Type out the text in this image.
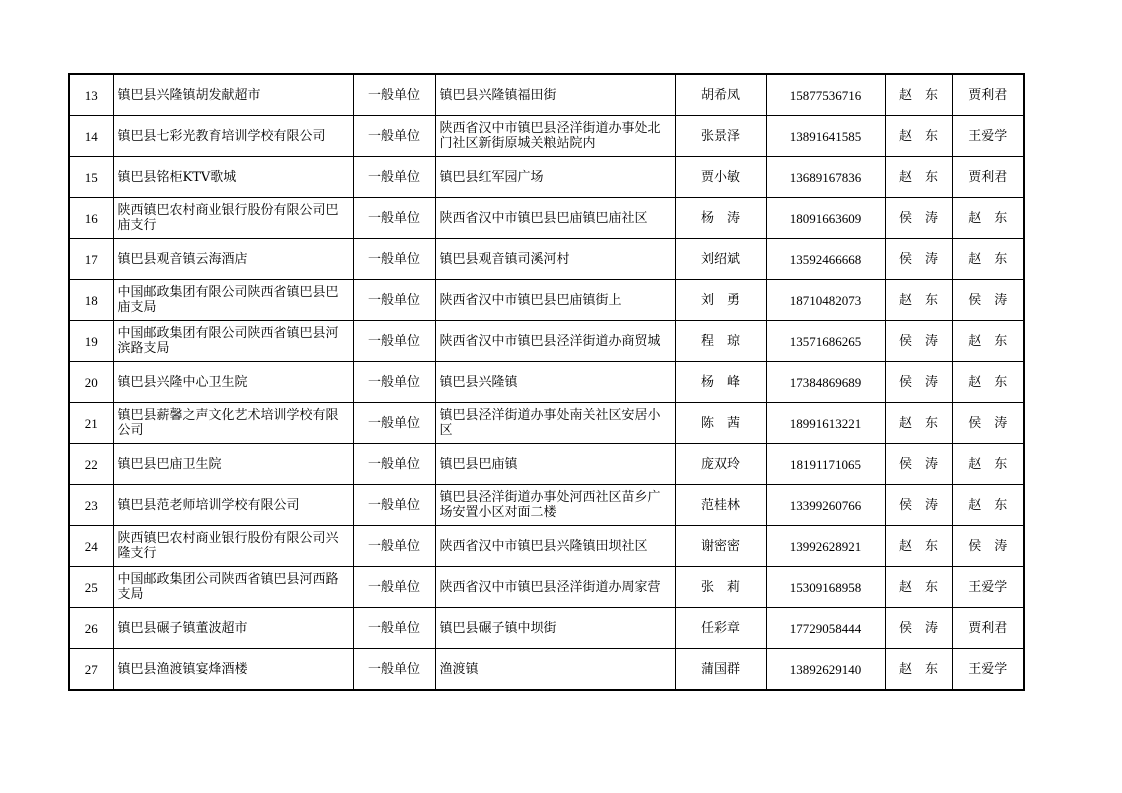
13	镇巴县兴隆镇胡发献超市	一般单位	镇巴县兴隆镇福田街	胡希凤	15877536716	赵　东	贾利君
14	镇巴县七彩光教育培训学校有限公司	一般单位	陕西省汉中市镇巴县泾洋街道办事处北门社区新街原城关粮站院内	张景泽	13891641585	赵　东	王爱学
15	镇巴县铭柜KTV歌城	一般单位	镇巴县红军园广场	贾小敏	13689167836	赵　东	贾利君
16	陕西镇巴农村商业银行股份有限公司巴庙支行	一般单位	陕西省汉中市镇巴县巴庙镇巴庙社区	杨　涛	18091663609	侯　涛	赵　东
17	镇巴县观音镇云海酒店	一般单位	镇巴县观音镇司溪河村	刘绍斌	13592466668	侯　涛	赵　东
18	中国邮政集团有限公司陕西省镇巴县巴庙支局	一般单位	陕西省汉中市镇巴县巴庙镇街上	刘　勇	18710482073	赵　东	侯　涛
19	中国邮政集团有限公司陕西省镇巴县河滨路支局	一般单位	陕西省汉中市镇巴县泾洋街道办商贸城	程　琼	13571686265	侯　涛	赵　东
20	镇巴县兴隆中心卫生院	一般单位	镇巴县兴隆镇	杨　峰	17384869689	侯　涛	赵　东
21	镇巴县薪馨之声文化艺术培训学校有限公司	一般单位	镇巴县泾洋街道办事处南关社区安居小区	陈　茜	18991613221	赵　东	侯　涛
22	镇巴县巴庙卫生院	一般单位	镇巴县巴庙镇	庞双玲	18191171065	侯　涛	赵　东
23	镇巴县范老师培训学校有限公司	一般单位	镇巴县泾洋街道办事处河西社区苗乡广场安置小区对面二楼	范桂林	13399260766	侯　涛	赵　东
24	陕西镇巴农村商业银行股份有限公司兴隆支行	一般单位	陕西省汉中市镇巴县兴隆镇田坝社区	谢密密	13992628921	赵　东	侯　涛
25	中国邮政集团公司陕西省镇巴县河西路支局	一般单位	陕西省汉中市镇巴县泾洋街道办周家营	张　莉	15309168958	赵　东	王爱学
26	镇巴县碾子镇董波超市	一般单位	镇巴县碾子镇中坝街	任彩章	17729058444	侯　涛	贾利君
27	镇巴县渔渡镇宴烽酒楼	一般单位	渔渡镇	蒲国群	13892629140	赵　东	王爱学
